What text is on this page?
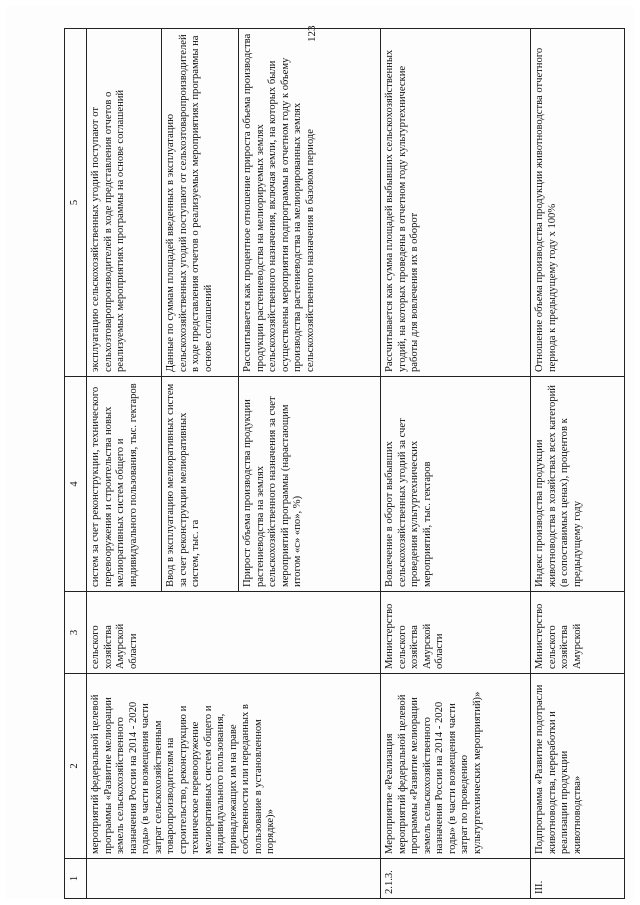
123
1	2	3	4	5
	мероприятий федеральной целевой программы «Развитие мелиорации земель сельскохозяйственного назначения России на 2014 - 2020 годы» (в части возмещения части затрат сельскохозяйственным товаропроизводителям на строительство, реконструкцию и техническое перевооружение мелиоративных систем общего и индивидуального пользования, принадлежащих им на праве собственности или переданных в пользование в установленном порядке)»	сельского хозяйства Амурской области	систем за счет реконструкции, технического перевооружения и строительства новых мелиоративных систем общего и индивидуального пользования, тыс. гектаров	эксплуатацию сельскохозяйственных угодий поступают от сельхозтоваропроизводителей в ходе представления отчетов о реализуемых мероприятиях программы на основе соглашений
			Ввод в эксплуатацию мелиоративных систем за счет реконструкции мелиоративных систем, тыс. га	Данные по суммам площадей введенных в эксплуатацию сельскохозяйственных угодий поступают от сельхозтоваропроизводителей в ходе представления отчетов о реализуемых мероприятиях программы на основе соглашений
			Прирост объема производства продукции растениеводства на землях сельскохозяйственного назначения за счет мероприятий программы (нарастающим итогом «с» «по», %)	Рассчитывается как процентное отношение прироста объема производства продукции растениеводства на мелиорируемых землях сельскохозяйственного назначения, включая земли, на которых были осуществлены мероприятия подпрограммы в отчетном году к объему производства растениеводства на мелиорированных землях сельскохозяйственного назначения в базовом периоде
2.1.3.	Мероприятие «Реализация мероприятий федеральной целевой программы «Развитие мелиорации земель сельскохозяйственного назначения России на 2014 - 2020 годы» (в части возмещения части затрат по проведению культуртехнических мероприятий)»	Министерство сельского хозяйства Амурской области	Вовлечение в оборот выбывших сельскохозяйственных угодий за счет проведения культуртехнических мероприятий, тыс. гектаров	Рассчитывается как сумма площадей выбывших сельскохозяйственных угодий, на которых проведены в отчетном году культуртехнические работы для вовлечения их в оборот
III.	Подпрограмма «Развитие подотрасли животноводства, переработки и реализации продукции животноводства»	Министерство сельского хозяйства Амурской	Индекс производства продукции животноводства в хозяйствах всех категорий (в сопоставимых ценах), процентов к предыдущему году	Отношение объема производства продукции животноводства отчетного периода к предыдущему году х 100%
